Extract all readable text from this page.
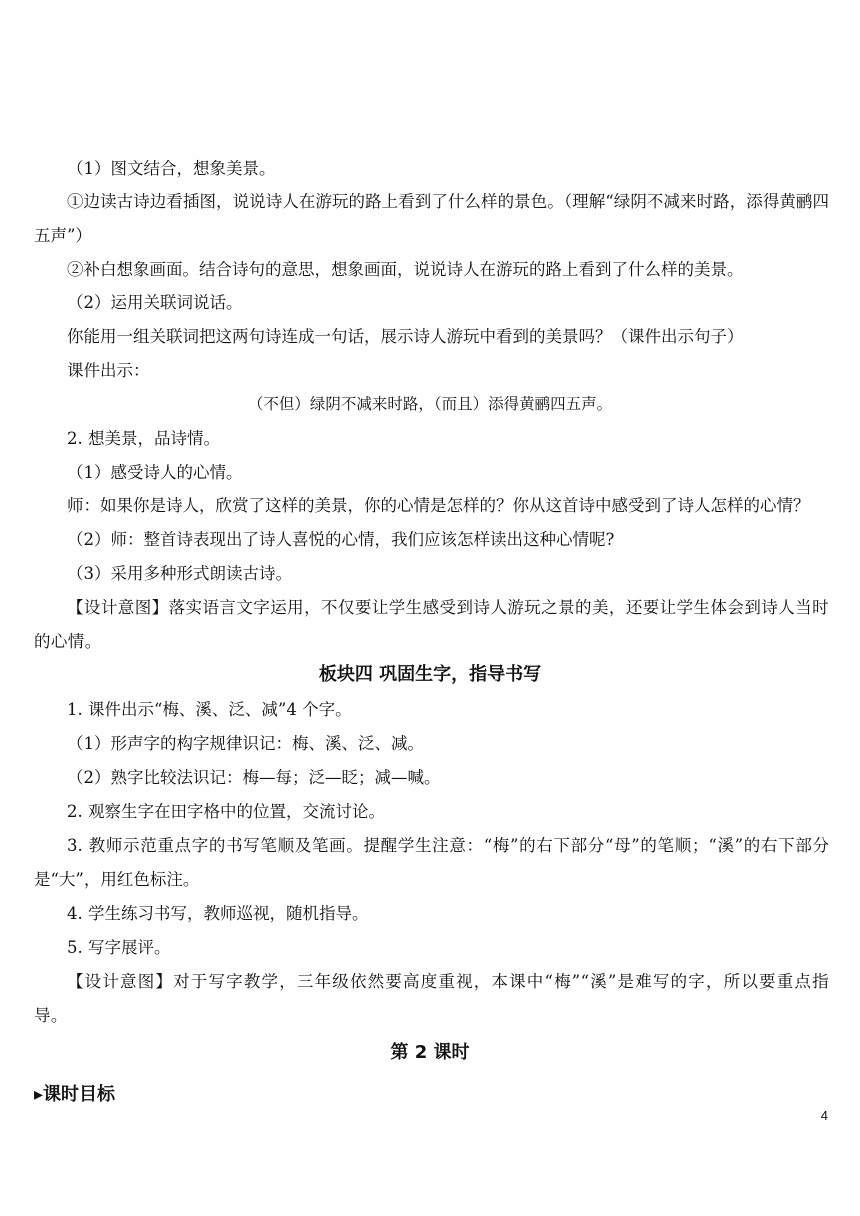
（1）图文结合，想象美景。
①边读古诗边看插图，说说诗人在游玩的路上看到了什么样的景色。（理解“绿阴不减来时路，添得黄鹂四五声”）
②补白想象画面。结合诗句的意思，想象画面，说说诗人在游玩的路上看到了什么样的美景。
（2）运用关联词说话。
你能用一组关联词把这两句诗连成一句话，展示诗人游玩中看到的美景吗？（课件出示句子）
课件出示：
（不但）绿阴不减来时路，（而且）添得黄鹂四五声。
2. 想美景，品诗情。
（1）感受诗人的心情。
师：如果你是诗人，欣赏了这样的美景，你的心情是怎样的？你从这首诗中感受到了诗人怎样的心情？
（2）师：整首诗表现出了诗人喜悦的心情，我们应该怎样读出这种心情呢?
（3）采用多种形式朗读古诗。
【设计意图】落实语言文字运用，不仅要让学生感受到诗人游玩之景的美，还要让学生体会到诗人当时的心情。
板块四 巩固生字，指导书写
1. 课件出示“梅、溪、泛、减”4 个字。
（1）形声字的构字规律识记：梅、溪、泛、减。
（2）熟字比较法识记：梅—每；泛—眨；减—喊。
2. 观察生字在田字格中的位置，交流讨论。
3. 教师示范重点字的书写笔顺及笔画。提醒学生注意：“梅”的右下部分“母”的笔顺；“溪”的右下部分是“大”，用红色标注。
4. 学生练习书写，教师巡视，随机指导。
5. 写字展评。
【设计意图】对于写字教学，三年级依然要高度重视，本课中“梅”“溪”是难写的字，所以要重点指导。
第 2 课时
▸课时目标
4
